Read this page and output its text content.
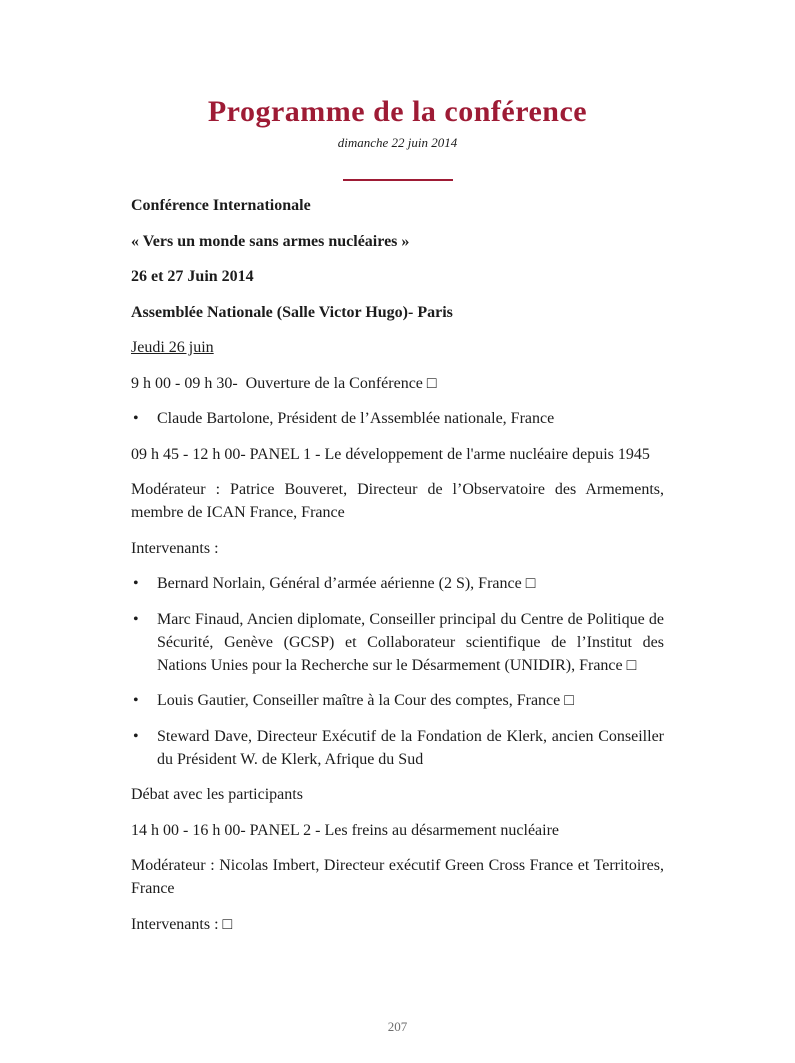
Programme de la conférence
dimanche 22 juin 2014
Conférence Internationale
« Vers un monde sans armes nucléaires »
26 et 27 Juin 2014
Assemblée Nationale (Salle Victor Hugo)- Paris
Jeudi 26 juin
9 h 00 - 09 h 30-  Ouverture de la Conférence □
• Claude Bartolone, Président de l’Assemblée nationale, France
09 h 45 - 12 h 00- PANEL 1 - Le développement de l'arme nucléaire depuis 1945
Modérateur : Patrice Bouveret, Directeur de l’Observatoire des Armements, membre de ICAN France, France
Intervenants :
• Bernard Norlain, Général d’armée aérienne (2 S), France □
• Marc Finaud, Ancien diplomate, Conseiller principal du Centre de Politique de Sécurité, Genève (GCSP) et Collaborateur scientifique de l’Institut des Nations Unies pour la Recherche sur le Désarmement (UNIDIR), France □
• Louis Gautier, Conseiller maître à la Cour des comptes, France □
• Steward Dave, Directeur Exécutif de la Fondation de Klerk, ancien Conseiller du Président W. de Klerk, Afrique du Sud
Débat avec les participants
14 h 00 - 16 h 00- PANEL 2 - Les freins au désarmement nucléaire
Modérateur : Nicolas Imbert, Directeur exécutif Green Cross France et Territoires, France
Intervenants : □
207
